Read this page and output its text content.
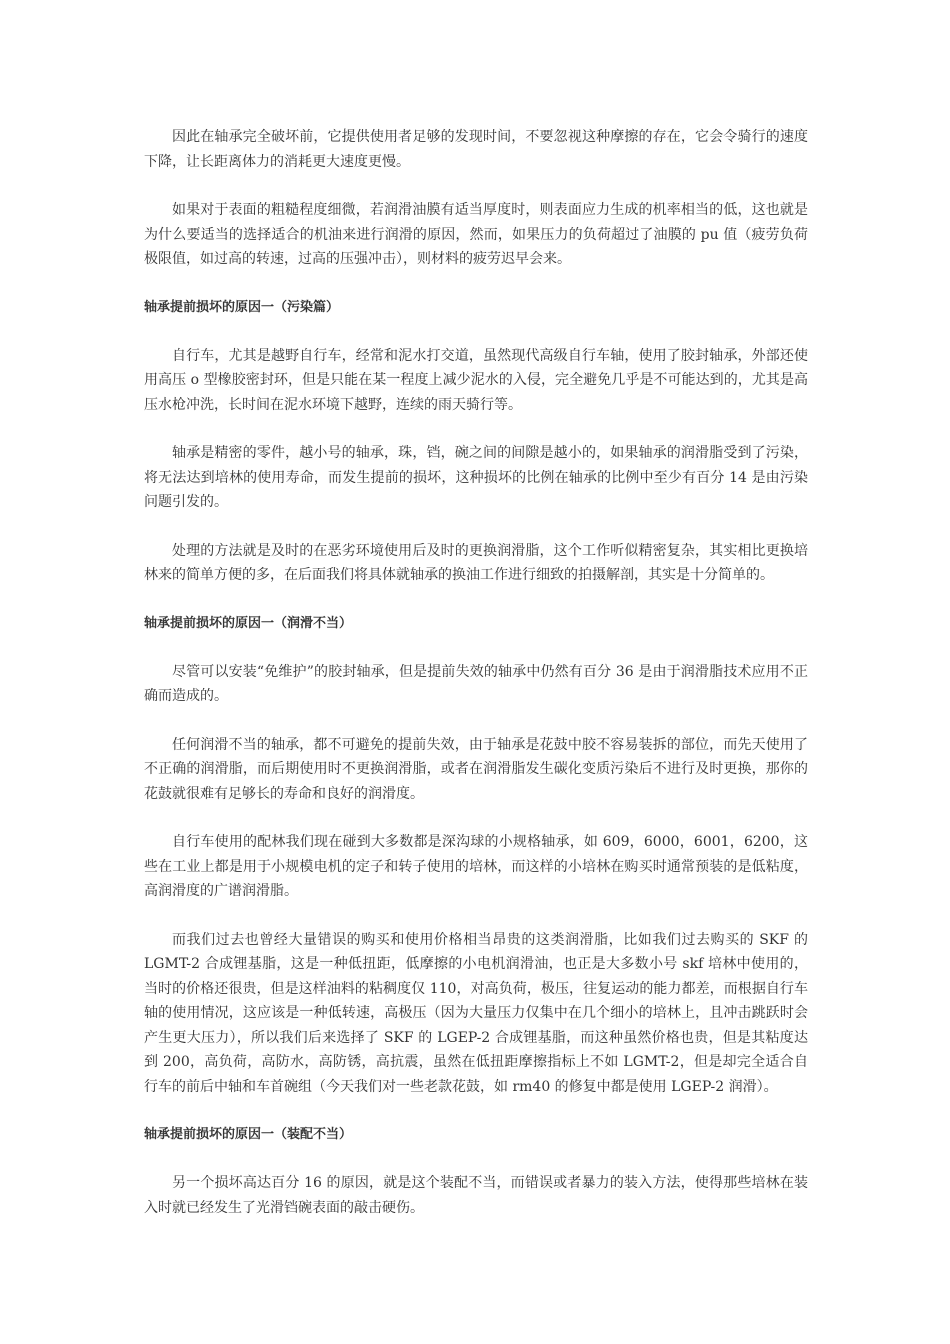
因此在轴承完全破坏前，它提供使用者足够的发现时间，不要忽视这种摩擦的存在，它会令骑行的速度下降，让长距离体力的消耗更大速度更慢。

如果对于表面的粗糙程度细微，若润滑油膜有适当厚度时，则表面应力生成的机率相当的低，这也就是为什么要适当的选择适合的机油来进行润滑的原因，然而，如果压力的负荷超过了油膜的 pu 值（疲劳负荷极限值，如过高的转速，过高的压强冲击），则材料的疲劳迟早会来。

轴承提前损坏的原因一（污染篇）

自行车，尤其是越野自行车，经常和泥水打交道，虽然现代高级自行车轴，使用了胶封轴承，外部还使用高压 o 型橡胶密封环，但是只能在某一程度上减少泥水的入侵，完全避免几乎是不可能达到的，尤其是高压水枪冲洗，长时间在泥水环境下越野，连续的雨天骑行等。

轴承是精密的零件，越小号的轴承，珠，铛，碗之间的间隙是越小的，如果轴承的润滑脂受到了污染，将无法达到培林的使用寿命，而发生提前的损坏，这种损坏的比例在轴承的比例中至少有百分 14 是由污染问题引发的。

处理的方法就是及时的在恶劣环境使用后及时的更换润滑脂，这个工作听似精密复杂，其实相比更换培林来的简单方便的多，在后面我们将具体就轴承的换油工作进行细致的拍摄解剖，其实是十分简单的。

轴承提前损坏的原因一（润滑不当）

尽管可以安装“免维护”的胶封轴承，但是提前失效的轴承中仍然有百分 36 是由于润滑脂技术应用不正确而造成的。

任何润滑不当的轴承，都不可避免的提前失效，由于轴承是花鼓中胶不容易装拆的部位，而先天使用了不正确的润滑脂，而后期使用时不更换润滑脂，或者在润滑脂发生碳化变质污染后不进行及时更换，那你的花鼓就很难有足够长的寿命和良好的润滑度。

自行车使用的配林我们现在碰到大多数都是深沟球的小规格轴承，如 609，6000，6001，6200，这些在工业上都是用于小规模电机的定子和转子使用的培林，而这样的小培林在购买时通常预装的是低粘度，高润滑度的广谱润滑脂。

而我们过去也曾经大量错误的购买和使用价格相当昂贵的这类润滑脂，比如我们过去购买的 SKF 的 LGMT-2 合成锂基脂，这是一种低扭距，低摩擦的小电机润滑油，也正是大多数小号 skf 培林中使用的，当时的价格还很贵，但是这样油料的粘稠度仅 110，对高负荷，极压，往复运动的能力都差，而根据自行车轴的使用情况，这应该是一种低转速，高极压（因为大量压力仅集中在几个细小的培林上，且冲击跳跃时会产生更大压力），所以我们后来选择了 SKF 的 LGEP-2 合成锂基脂，而这种虽然价格也贵，但是其粘度达到 200，高负荷，高防水，高防锈，高抗震，虽然在低扭距摩擦指标上不如 LGMT-2，但是却完全适合自行车的前后中轴和车首碗组（今天我们对一些老款花鼓，如 rm40 的修复中都是使用 LGEP-2 润滑）。

轴承提前损坏的原因一（装配不当）

另一个损坏高达百分 16 的原因，就是这个装配不当，而错误或者暴力的装入方法，使得那些培林在装入时就已经发生了光滑铛碗表面的敲击硬伤。
